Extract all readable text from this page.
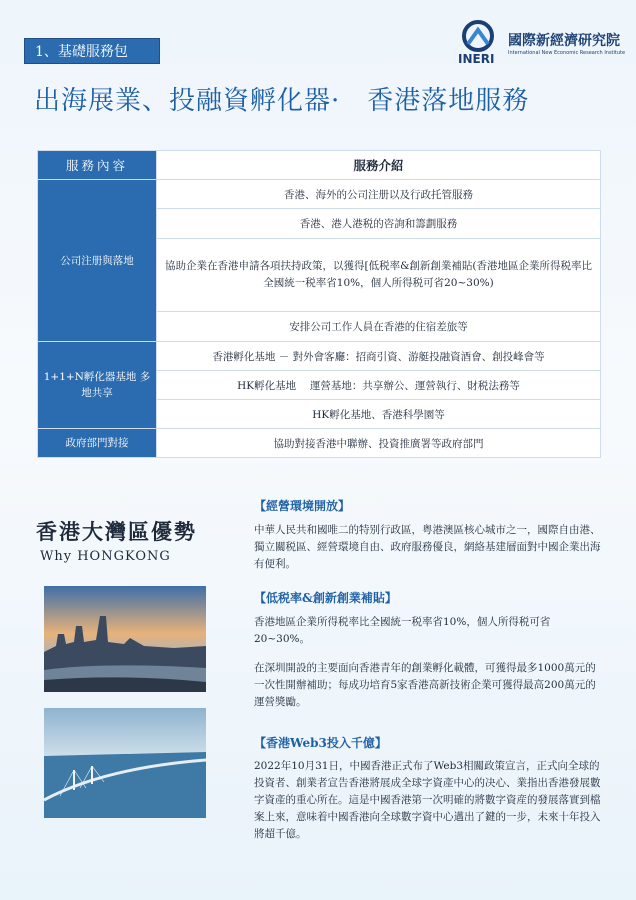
1、基礎服務包	INERI
國際新經濟研究院
International New Economic Research Institute
出海展業、投融資孵化器·　香港落地服務
服務內容	服務介紹
公司注册與落地	香港、海外的公司注册以及行政托管服務
	香港、港人港税的咨詢和籌劃服務
	協助企業在香港申請各項扶持政策，以獲得[低税率&創新創業補貼(香港地區企業所得税率比全國統一税率省10%，個人所得税可省20~30%)
	安排公司工作人員在香港的住宿差旅等
1+1+N孵化器基地 多地共享	香港孵化基地 － 對外會客廳：招商引資、游艇投融資酒會、創投峰會等
	HK孵化基地　 運營基地：共享辦公、運營執行、財税法務等
	HK孵化基地、香港科學園等
政府部門對接	協助對接香港中聯辦、投資推廣署等政府部門
香港大灣區優勢
Why HONGKONG
【經營環境開放】

中華人民共和國唯二的特别行政區，粤港澳區核心城市之一，國際自由港、獨立關税區、經營環境自由、政府服務優良，網絡基建層面對中國企業出海有便利。

【低税率&創新創業補貼】

香港地區企業所得税率比全國統一税率省10%，個人所得税可省20~30%。

在深圳開設的主要面向香港青年的創業孵化載體，可獲得最多1000萬元的一次性開辦補助；每成功培育5家香港高新技術企業可獲得最高200萬元的運營獎勵。

【香港Web3投入千億】

2022年10月31日，中國香港正式布了Web3相關政策宣言，正式向全球的投資者、創業者宣告香港將展成全球字資產中心的决心、業指出香港發展數字資產的重心所在。這是中國香港第一次明確的將數字資産的發展落實到檔案上來，意味着中國香港向全球數字資中心邁出了鍵的一步，未來十年投入將超千億。
